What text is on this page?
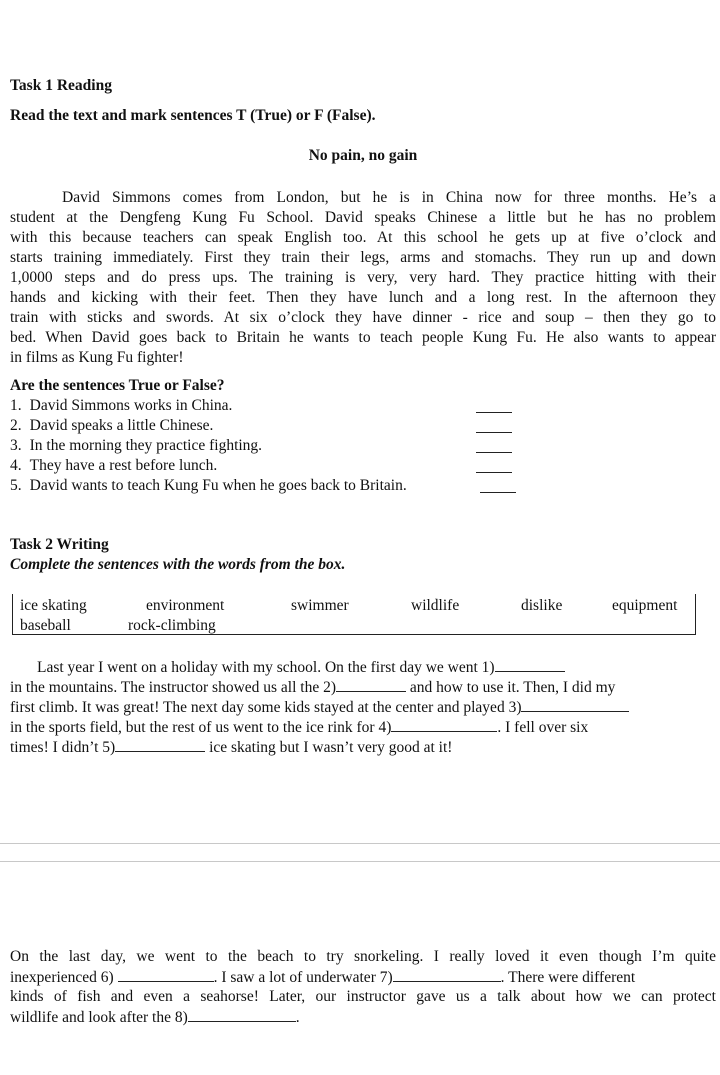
Task 1 Reading
Read the text and mark sentences T (True) or F (False).
No pain, no gain
David Simmons comes from London, but he is in China now for three months. He’s a
student at the Dengfeng Kung Fu School. David speaks Chinese a little but he has no problem
with this because teachers can speak English too. At this school he gets up at five o’clock and
starts training immediately. First they train their legs, arms and stomachs. They run up and down
1,0000 steps and do press ups. The training is very, very hard. They practice hitting with their
hands and kicking with their feet. Then they have lunch and a long rest. In the afternoon they
train with sticks and swords. At six o’clock they have dinner - rice and soup – then they go to
bed. When David goes back to Britain he wants to teach people Kung Fu. He also wants to appear
in films as Kung Fu fighter!
Are the sentences True or False?
1. David Simmons works in China.
2. David speaks a little Chinese.
3. In the morning they practice fighting.
4. They have a rest before lunch.
5. David wants to teach Kung Fu when he goes back to Britain.
Task 2 Writing
Complete the sentences with the words from the box.
ice skating	environment	swimmer	wildlife	dislike	equipment
baseball	rock-climbing
Last year I went on a holiday with my school. On the first day we went 1)
in the mountains. The instructor showed us all the 2)	and how to use it. Then, I did my
first climb. It was great! The next day some kids stayed at the center and played 3)
in the sports field, but the rest of us went to the ice rink for 4)	. I fell over six
times! I didn’t 5)	ice skating but I wasn’t very good at it!
On the last day, we went to the beach to try snorkeling. I really loved it even though I’m quite
inexperienced 6)	. I saw a lot of underwater 7)	. There were different
kinds of fish and even a seahorse! Later, our instructor gave us a talk about how we can protect
wildlife and look after the 8)	.
